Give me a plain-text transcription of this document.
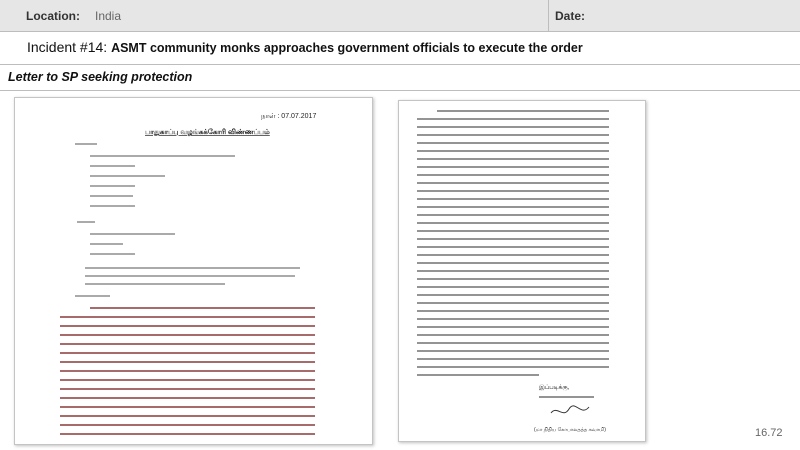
Location: India	Date:
Incident #14: ASMT community monks approaches government officials to execute the order
Letter to SP seeking protection
நாள் : 07.07.2017
பாதுகாப்பு வழங்கக்கோரி விண்ணப்பம்
இப்படிக்கு,
(மா நிதிய கோபாலதத்த சுவாமி)	16.72
